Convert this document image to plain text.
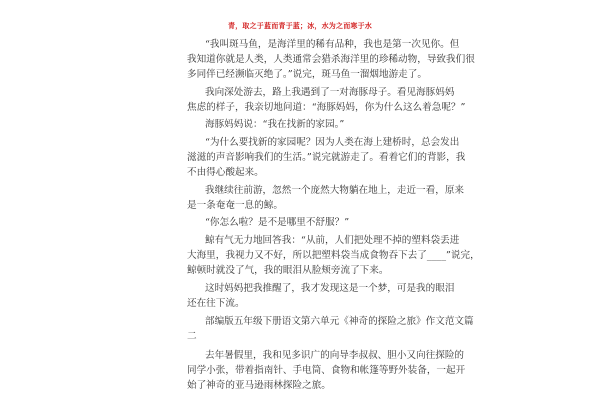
青，取之于蓝而青于蓝；冰，水为之而寒于水
“我叫斑马鱼，是海洋里的稀有品种，我也是第一次见你。但
我知道你就是人类，人类通常会猎杀海洋里的珍稀动物，导致我们很
多同伴已经濒临灭绝了。”说完，斑马鱼一溜烟地游走了。
我向深处游去，路上我遇到了一对海豚母子。看见海豚妈妈
焦虑的样子，我亲切地问道：“海豚妈妈，你为什么这么着急呢？”
海豚妈妈说：“我在找新的家园。”
“为什么要找新的家园呢？因为人类在海上建桥时，总会发出
滋滋的声音影响我们的生活。”说完就游走了。看着它们的背影，我
不由得心酸起来。
我继续往前游，忽然一个庞然大物躺在地上，走近一看，原来
是一条奄奄一息的鲸。
“你怎么啦？是不是哪里不舒服？”
鲸有气无力地回答我：“从前，人们把处理不掉的塑料袋丢进
大海里，我视力又不好，所以把塑料袋当成食物吞下去了____”说完，
鲸顿时就没了气，我的眼泪从脸颊旁流了下来。
这时妈妈把我推醒了，我才发现这是一个梦，可是我的眼泪
还在往下流。
部编版五年级下册语文第六单元《神奇的探险之旅》作文范文篇
二
去年暑假里，我和见多识广的向导李叔叔、胆小又向往探险的
同学小张，带着指南针、手电筒、食物和帐篷等野外装备，一起开
始了神奇的亚马逊雨林探险之旅。
